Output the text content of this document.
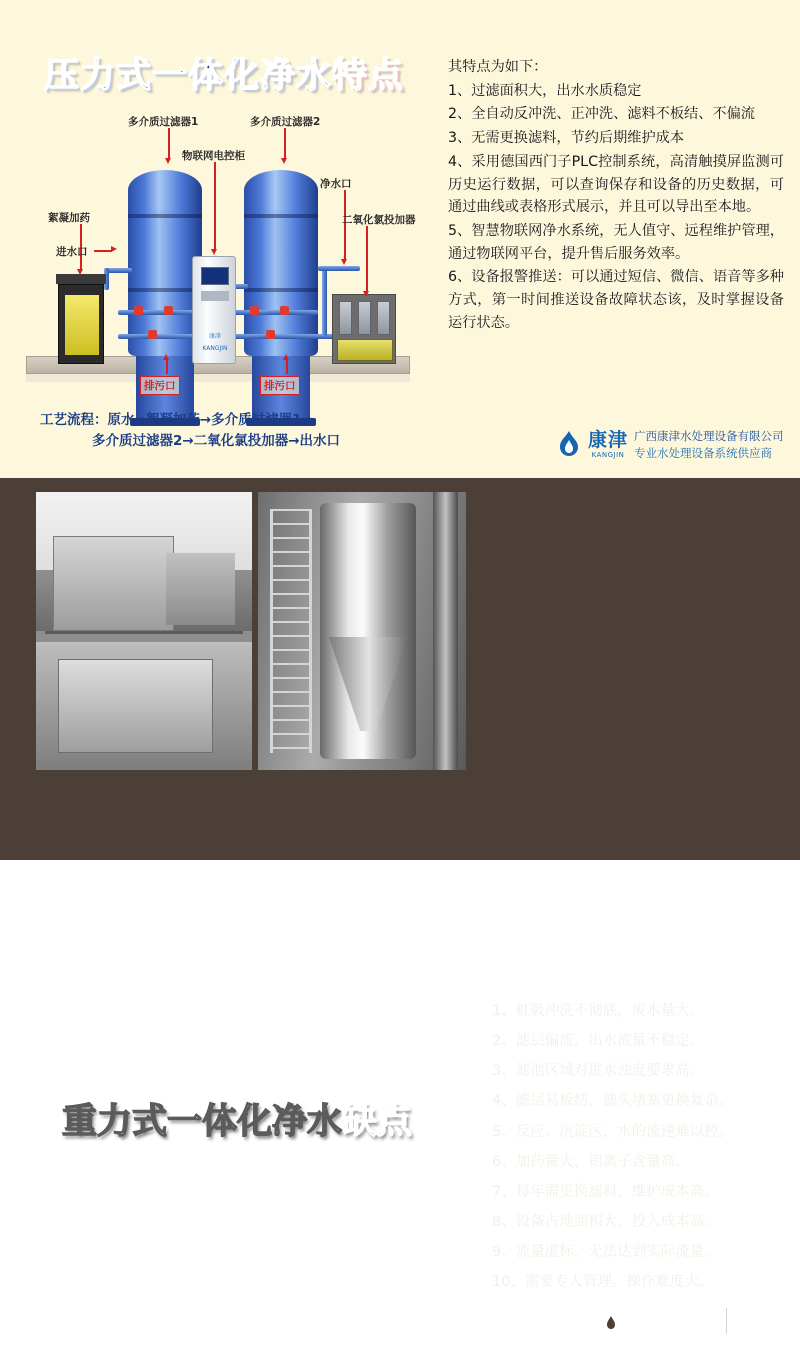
压力式一体化净水特点
康津 KANGJIN
多介质过滤器1	多介质过滤器2
物联网电控柜
净水口
二氧化氯投加器
絮凝加药
进水口
排污口	排污口
工艺流程：原水→絮凝加药→多介质过滤器1→
多介质过滤器2→二氧化氯投加器→出水口

其特点为如下：

1、过滤面积大，出水水质稳定

2、全自动反冲洗、正冲洗、滤料不板结、不偏流

3、无需更换滤料，节约后期维护成本

4、采用德国西门子PLC控制系统，高清触摸屏监测可历史运行数据，可以查询保存和设备的历史数据，可通过曲线或表格形式展示，并且可以导出至本地。

5、智慧物联网净水系统，无人值守、远程维护管理，通过物联网平台，提升售后服务效率。

6、设备报警推送：可以通过短信、微信、语音等多种方式，第一时间推送设备故障状态该，及时掌握设备运行状态。

康津
KANGJIN
广西康津水处理设备有限公司
专业水处理设备系统供应商
重力式一体化净水缺点

1、虹吸冲洗不彻底，废水量大。

2、滤层偏流，出水流量不稳定。

3、滤池区域对进水浊度要求高。

4、滤层易板结，滤头堵塞更换复杂。

5、反应、沉淀区，水的流速难以控。

6、加药量大，铝离子含量高。

7、每年需更换滤料，维护成本高。

8、设备占地面积大，投入成本高。

9、流量虚标，无法达到实际流量。

10、需要专人管理。操作难度大。

康津
KANGJIN
水净化
